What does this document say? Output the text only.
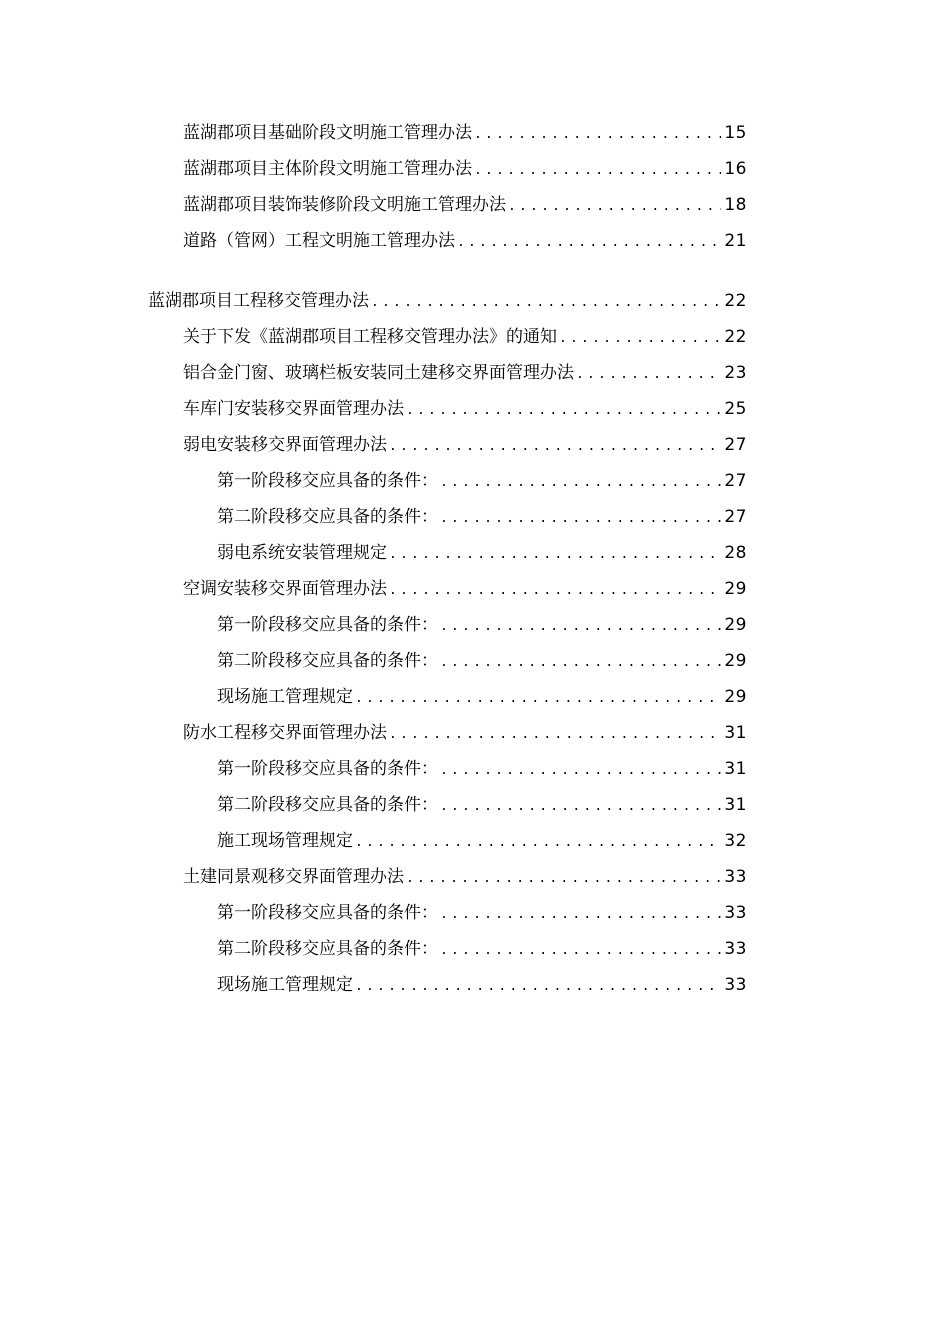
蓝湖郡项目基础阶段文明施工管理办法 .....	15
蓝湖郡项目主体阶段文明施工管理办法 .....	16
蓝湖郡项目装饰装修阶段文明施工管理办法 .....	18
道路（管网）工程文明施工管理办法 .....	21
蓝湖郡项目工程移交管理办法 .....	22
关于下发《蓝湖郡项目工程移交管理办法》的通知 .....	22
铝合金门窗、玻璃栏板安装同土建移交界面管理办法 .....	23
车库门安装移交界面管理办法 .....	25
弱电安装移交界面管理办法 .....	27
第一阶段移交应具备的条件： .....	27
第二阶段移交应具备的条件： .....	27
弱电系统安装管理规定 .....	28
空调安装移交界面管理办法 .....	29
第一阶段移交应具备的条件： .....	29
第二阶段移交应具备的条件： .....	29
现场施工管理规定 .....	29
防水工程移交界面管理办法 .....	31
第一阶段移交应具备的条件： .....	31
第二阶段移交应具备的条件： .....	31
施工现场管理规定 .....	32
土建同景观移交界面管理办法 .....	33
第一阶段移交应具备的条件： .....	33
第二阶段移交应具备的条件： .....	33
现场施工管理规定 .....	33
